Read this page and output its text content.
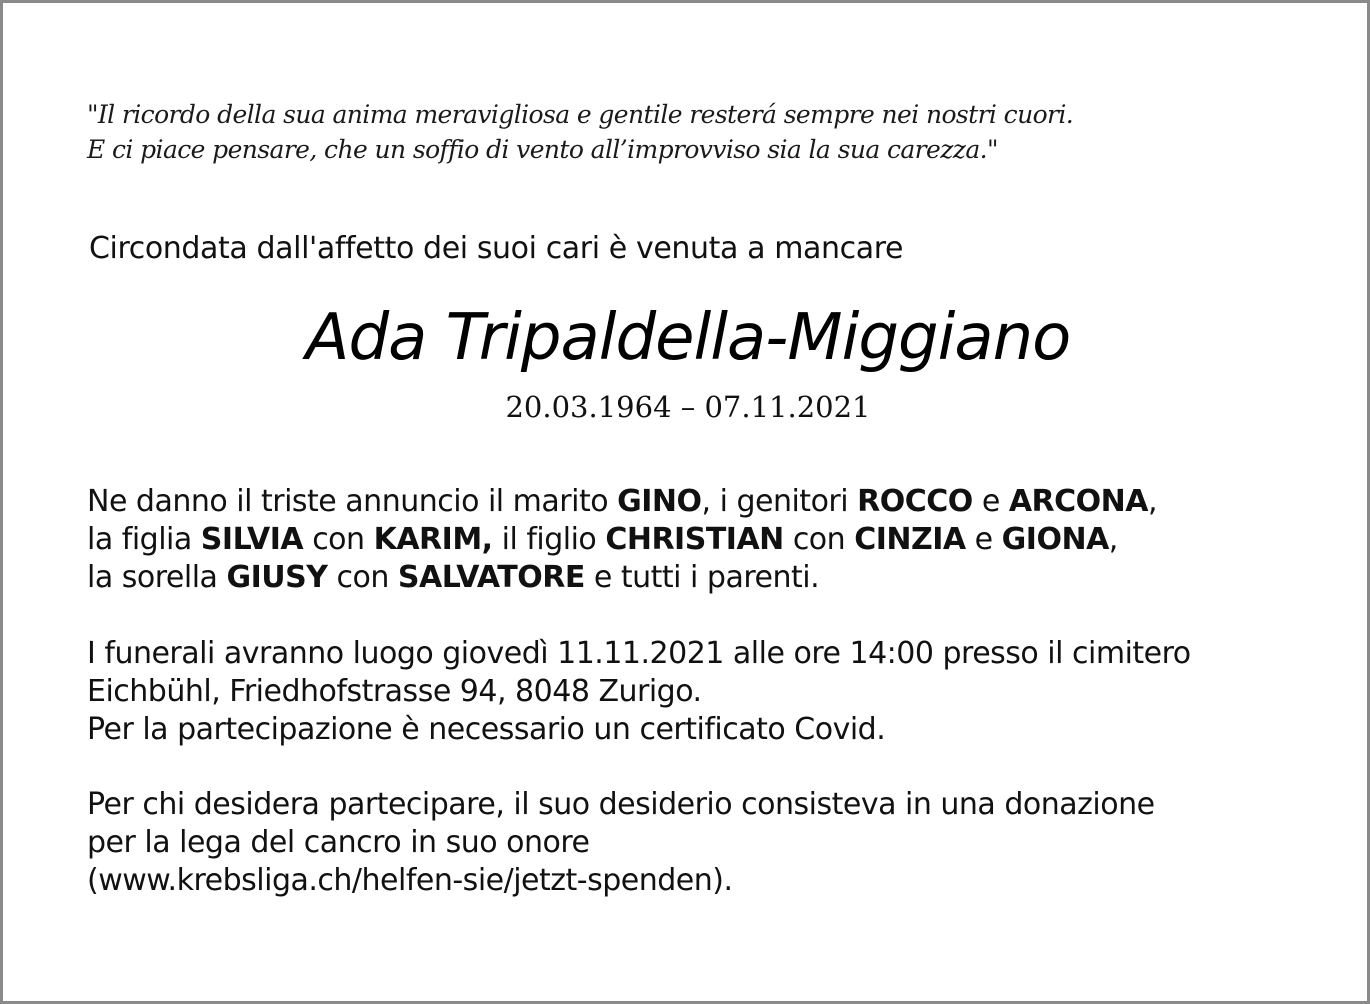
"Il ricordo della sua anima meravigliosa e gentile resterá sempre nei nostri cuori.
E ci piace pensare, che un soffio di vento all’improvviso sia la sua carezza."
Circondata dall'affetto dei suoi cari è venuta a mancare
Ada Tripaldella-Miggiano
20.03.1964 – 07.11.2021
Ne danno il triste annuncio il marito GINO, i genitori ROCCO e ARCONA,
la figlia SILVIA con KARIM, il figlio CHRISTIAN con CINZIA e GIONA,
la sorella GIUSY con SALVATORE e tutti i parenti.
I funerali avranno luogo giovedì 11.11.2021 alle ore 14:00 presso il cimitero
Eichbühl, Friedhofstrasse 94, 8048 Zurigo.
Per la partecipazione è necessario un certificato Covid.
Per chi desidera partecipare, il suo desiderio consisteva in una donazione
per la lega del cancro in suo onore
(www.krebsliga.ch/helfen-sie/jetzt-spenden).
